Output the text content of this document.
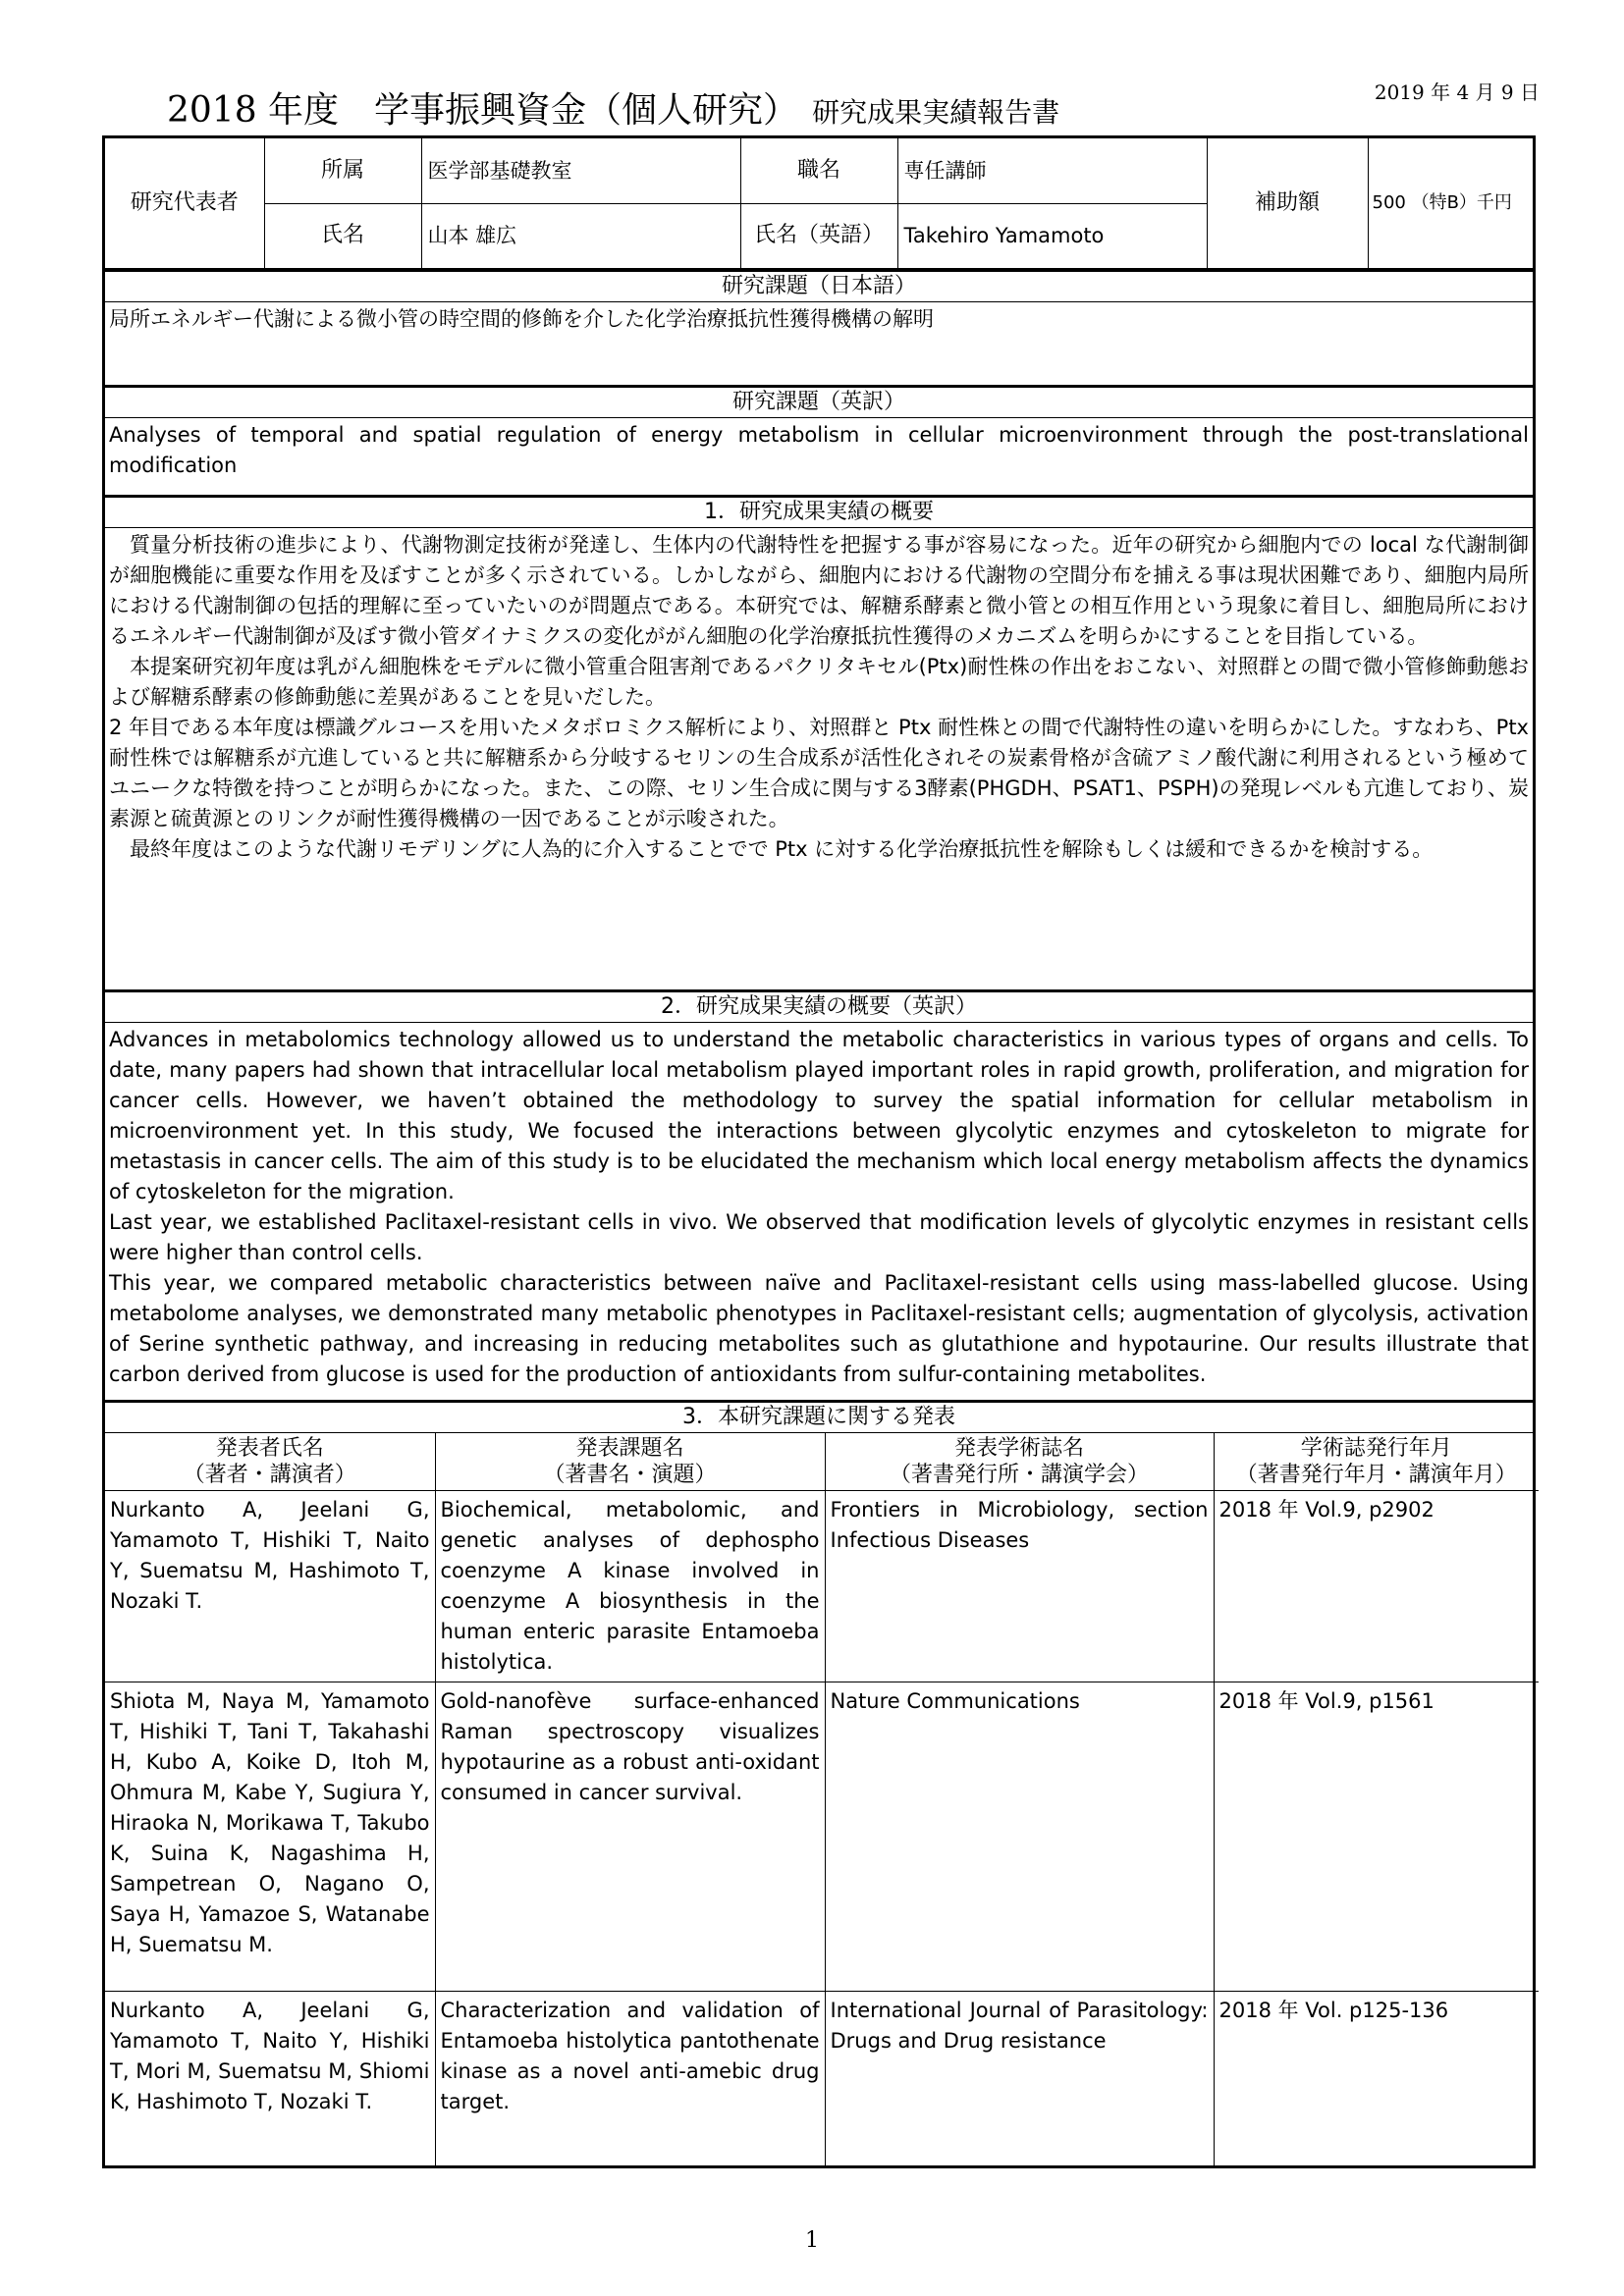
2019 年 4 月 9 日
2018 年度　学事振興資金（個人研究） 研究成果実績報告書
研究代表者	所属	医学部基礎教室	職名	専任講師	補助額	500 （特B）千円
	氏名	山本 雄広	氏名（英語）	Takehiro Yamamoto		
研究課題（日本語）
局所エネルギー代謝による微小管の時空間的修飾を介した化学治療抵抗性獲得機構の解明
研究課題（英訳）
Analyses of temporal and spatial regulation of energy metabolism in cellular microenvironment through the post-translational modification
1．研究成果実績の概要

質量分析技術の進歩により、代謝物測定技術が発達し、生体内の代謝特性を把握する事が容易になった。近年の研究から細胞内での local な代謝制御が細胞機能に重要な作用を及ぼすことが多く示されている。しかしながら、細胞内における代謝物の空間分布を捕える事は現状困難であり、細胞内局所における代謝制御の包括的理解に至っていたいのが問題点である。本研究では、解糖系酵素と微小管との相互作用という現象に着目し、細胞局所におけるエネルギー代謝制御が及ぼす微小管ダイナミクスの変化ががん細胞の化学治療抵抗性獲得のメカニズムを明らかにすることを目指している。

本提案研究初年度は乳がん細胞株をモデルに微小管重合阻害剤であるパクリタキセル(Ptx)耐性株の作出をおこない、対照群との間で微小管修飾動態および解糖系酵素の修飾動態に差異があることを見いだした。

2 年目である本年度は標識グルコースを用いたメタボロミクス解析により、対照群と Ptx 耐性株との間で代謝特性の違いを明らかにした。すなわち、Ptx 耐性株では解糖系が亢進していると共に解糖系から分岐するセリンの生合成系が活性化されその炭素骨格が含硫アミノ酸代謝に利用されるという極めてユニークな特徴を持つことが明らかになった。また、この際、セリン生合成に関与する3酵素(PHGDH、PSAT1、PSPH)の発現レベルも亢進しており、炭素源と硫黄源とのリンクが耐性獲得機構の一因であることが示唆された。

最終年度はこのような代謝リモデリングに人為的に介入することでで Ptx に対する化学治療抵抗性を解除もしくは緩和できるかを検討する。

2．研究成果実績の概要（英訳）

Advances in metabolomics technology allowed us to understand the metabolic characteristics in various types of organs and cells. To date, many papers had shown that intracellular local metabolism played important roles in rapid growth, proliferation, and migration for cancer cells. However, we haven’t obtained the methodology to survey the spatial information for cellular metabolism in microenvironment yet. In this study, We focused the interactions between glycolytic enzymes and cytoskeleton to migrate for metastasis in cancer cells. The aim of this study is to be elucidated the mechanism which local energy metabolism affects the dynamics of cytoskeleton for the migration.

Last year, we established Paclitaxel-resistant cells in vivo. We observed that modification levels of glycolytic enzymes in resistant cells were higher than control cells.

This year, we compared metabolic characteristics between naïve and Paclitaxel-resistant cells using mass-labelled glucose. Using metabolome analyses, we demonstrated many metabolic phenotypes in Paclitaxel-resistant cells; augmentation of glycolysis, activation of Serine synthetic pathway, and increasing in reducing metabolites such as glutathione and hypotaurine. Our results illustrate that carbon derived from glucose is used for the production of antioxidants from sulfur-containing metabolites.

3．本研究課題に関する発表
発表者氏名
（著者・講演者）	発表課題名
（著書名・演題）	発表学術誌名
（著書発行所・講演学会）	学術誌発行年月
（著書発行年月・講演年月）
Nurkanto A, Jeelani G, Yamamoto T, Hishiki T, Naito Y, Suematsu M, Hashimoto T, Nozaki T.	Biochemical, metabolomic, and genetic analyses of dephospho coenzyme A kinase involved in coenzyme A biosynthesis in the human enteric parasite Entamoeba histolytica.	Frontiers in Microbiology, section Infectious Diseases	2018 年 Vol.9, p2902
Shiota M, Naya M, Yamamoto T, Hishiki T, Tani T, Takahashi H, Kubo A, Koike D, Itoh M, Ohmura M, Kabe Y, Sugiura Y, Hiraoka N, Morikawa T, Takubo K, Suina K, Nagashima H, Sampetrean O, Nagano O, Saya H, Yamazoe S, Watanabe H, Suematsu M.	Gold-nanofève surface-enhanced Raman spectroscopy visualizes hypotaurine as a robust anti-oxidant consumed in cancer survival.	Nature Communications	2018 年 Vol.9, p1561
Nurkanto A, Jeelani G, Yamamoto T, Naito Y, Hishiki T, Mori M, Suematsu M, Shiomi K, Hashimoto T, Nozaki T.	Characterization and validation of Entamoeba histolytica pantothenate kinase as a novel anti-amebic drug target.	International Journal of Parasitology: Drugs and Drug resistance	2018 年 Vol. p125-136
1
